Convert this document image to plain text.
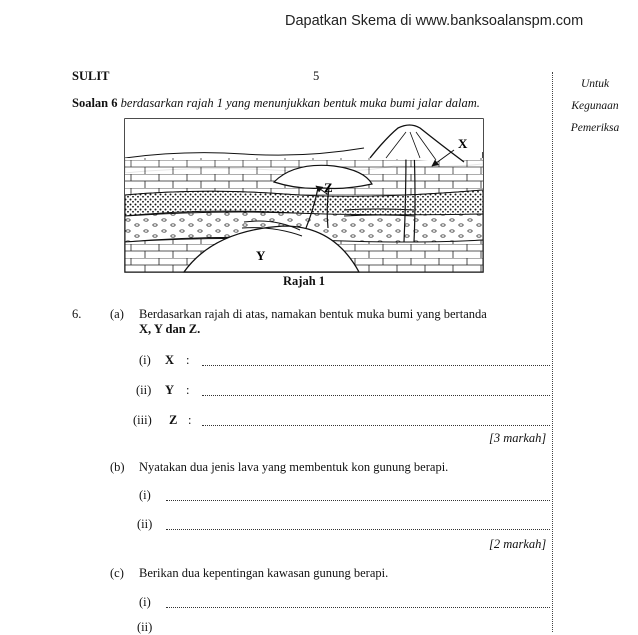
Dapatkan Skema di www.banksoalanspm.com
SULIT	5
Untuk
Kegunaan
Pemeriksa
Soalan 6 berdasarkan rajah 1 yang menunjukkan bentuk muka bumi jalar dalam.
X
Z
Y
Rajah 1
6. (a) Berdasarkan rajah di atas, namakan bentuk muka bumi yang bertanda
X, Y dan Z.
(i) X :
(ii) Y :
(iii) Z :
[3 markah]
(b) Nyatakan dua jenis lava yang membentuk kon gunung berapi.
(i)
(ii)
[2 markah]
(c) Berikan dua kepentingan kawasan gunung berapi.
(i)
(ii)
